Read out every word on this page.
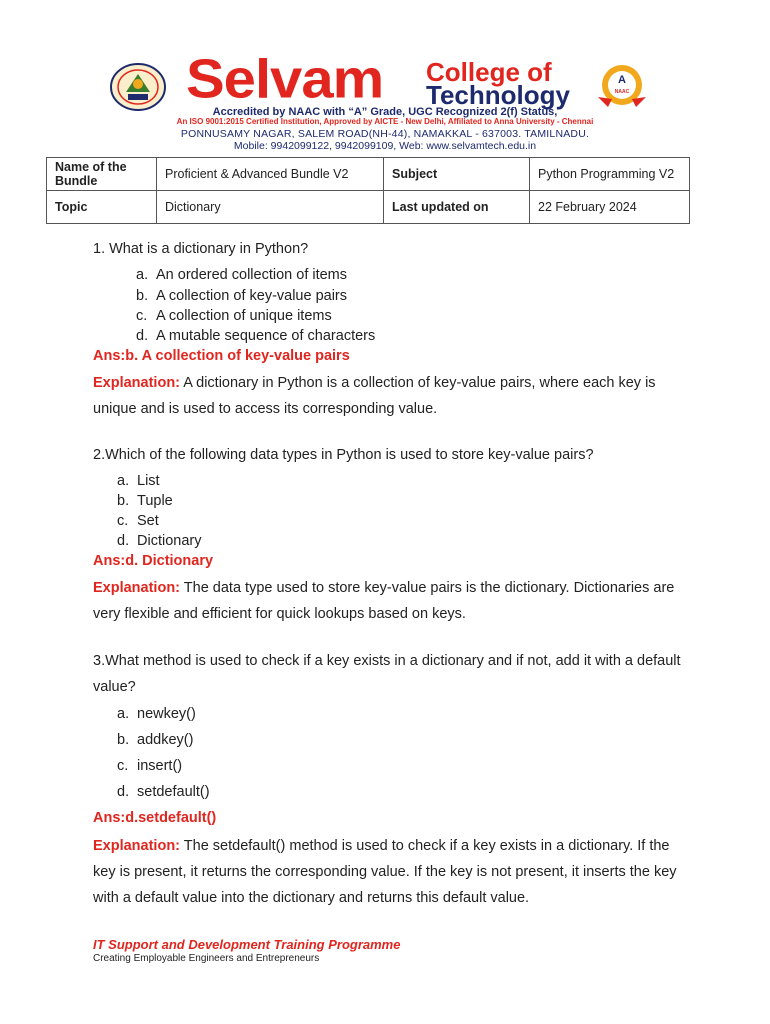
Selvam College of
Technology
Accredited by NAAC with “A” Grade, UGC Recognized 2(f) Status,
An ISO 9001:2015 Certified Institution, Approved by AICTE - New Delhi, Affiliated to Anna University - Chennai
PONNUSAMY NAGAR, SALEM ROAD(NH-44), NAMAKKAL - 637003. TAMILNADU.
Mobile: 9942099122, 9942099109, Web: www.selvamtech.edu.in
A
NAAC
Name of the Bundle	Proficient & Advanced Bundle V2	Subject	Python Programming V2
Topic	Dictionary	Last updated on	22 February 2024
1. What is a dictionary in Python?
a. An ordered collection of items
b. A collection of key-value pairs
c. A collection of unique items
d. A mutable sequence of characters
Ans:b. A collection of key-value pairs
Explanation: A dictionary in Python is a collection of key-value pairs, where each key is unique and is used to access its corresponding value.
2.Which of the following data types in Python is used to store key-value pairs?
a. List
b. Tuple
c. Set
d. Dictionary
Ans:d. Dictionary
Explanation: The data type used to store key-value pairs is the dictionary. Dictionaries are very flexible and efficient for quick lookups based on keys.
3.What method is used to check if a key exists in a dictionary and if not, add it with a default value?
a. newkey()
b. addkey()
c. insert()
d. setdefault()
Ans:d.setdefault()
Explanation: The setdefault() method is used to check if a key exists in a dictionary. If the key is present, it returns the corresponding value. If the key is not present, it inserts the key with a default value into the dictionary and returns this default value.
IT Support and Development Training Programme
Creating Employable Engineers and Entrepreneurs
